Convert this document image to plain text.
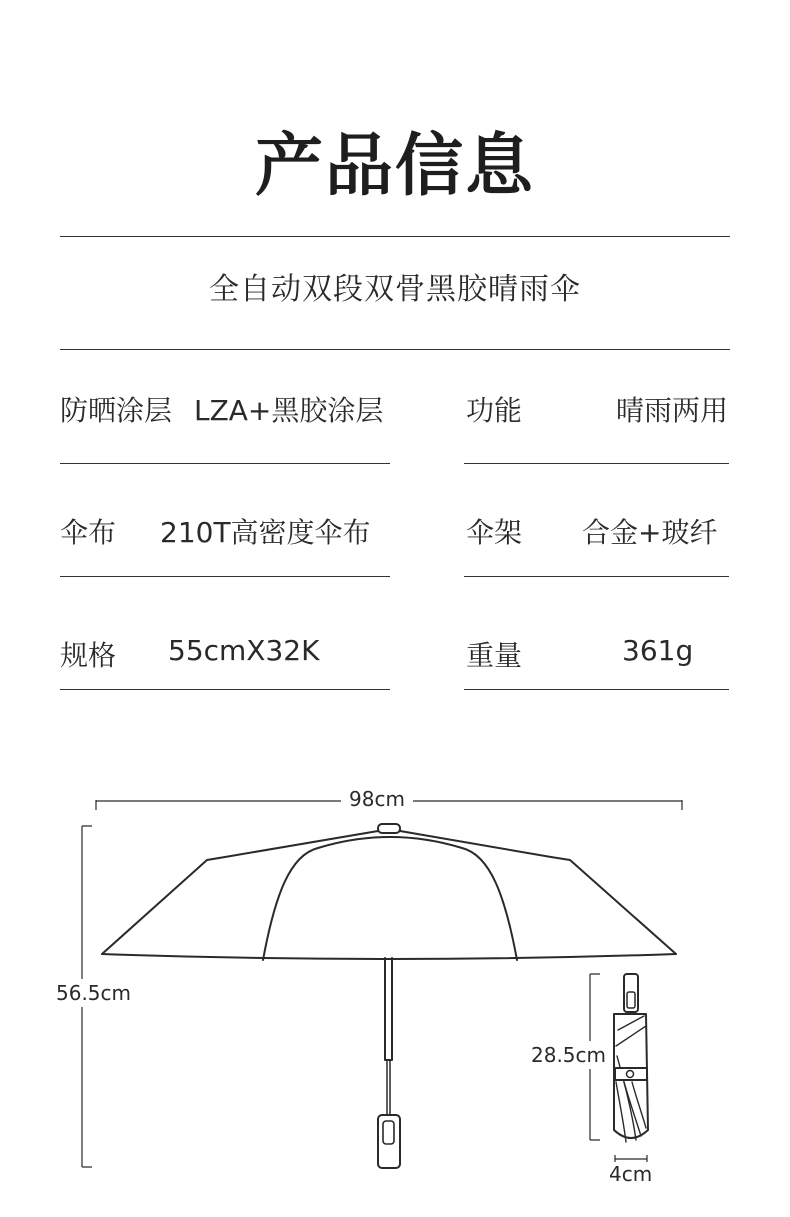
产品信息
全自动双段双骨黑胶晴雨伞
防晒涂层 LZA+黑胶涂层	功能	晴雨两用
伞布 210T高密度伞布	伞架 合金+玻纤
规格 55cmX32K	重量	361g
98cm
56.5cm
28.5cm
4cm
